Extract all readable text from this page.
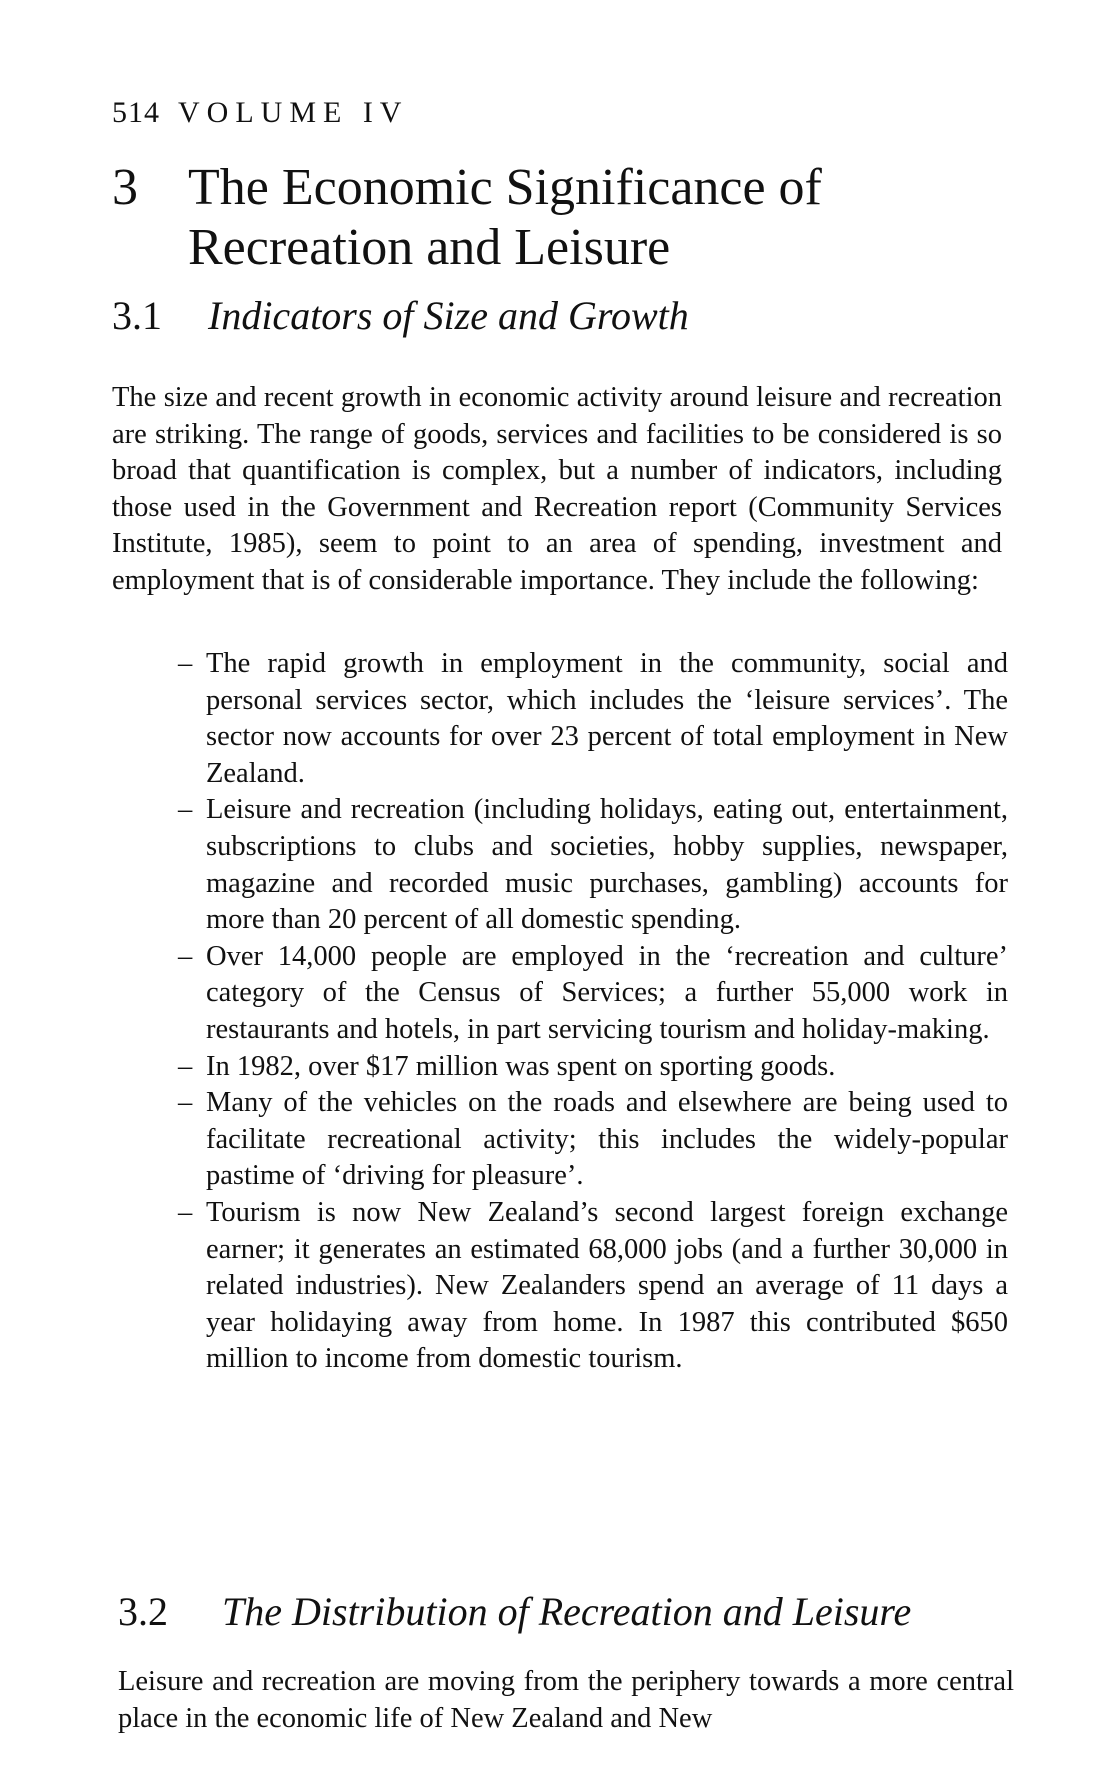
514 VOLUME IV
3 The Economic Significance of Recreation and Leisure
3.1 Indicators of Size and Growth

The size and recent growth in economic activity around leisure and recreation are striking. The range of goods, services and facilities to be considered is so broad that quantification is complex, but a number of indicators, including those used in the Government and Recreation report (Community Services Institute, 1985), seem to point to an area of spending, investment and employment that is of considerable importance. They include the following:

– The rapid growth in employment in the community, social and personal services sector, which includes the ‘leisure services’. The sector now accounts for over 23 percent of total employment in New Zealand.
– Leisure and recreation (including holidays, eating out, entertainment, subscriptions to clubs and societies, hobby supplies, newspaper, magazine and recorded music purchases, gambling) accounts for more than 20 percent of all domestic spending.
– Over 14,000 people are employed in the ‘recreation and culture’ category of the Census of Services; a further 55,000 work in restaurants and hotels, in part servicing tourism and holiday-making.
– In 1982, over $17 million was spent on sporting goods.
– Many of the vehicles on the roads and elsewhere are being used to facilitate recreational activity; this includes the widely-popular pastime of ‘driving for pleasure’.
– Tourism is now New Zealand’s second largest foreign exchange earner; it generates an estimated 68,000 jobs (and a further 30,000 in related industries). New Zealanders spend an average of 11 days a year holidaying away from home. In 1987 this contributed $650 million to income from domestic tourism.
3.2 The Distribution of Recreation and Leisure

Leisure and recreation are moving from the periphery towards a more central place in the economic life of New Zealand and New
